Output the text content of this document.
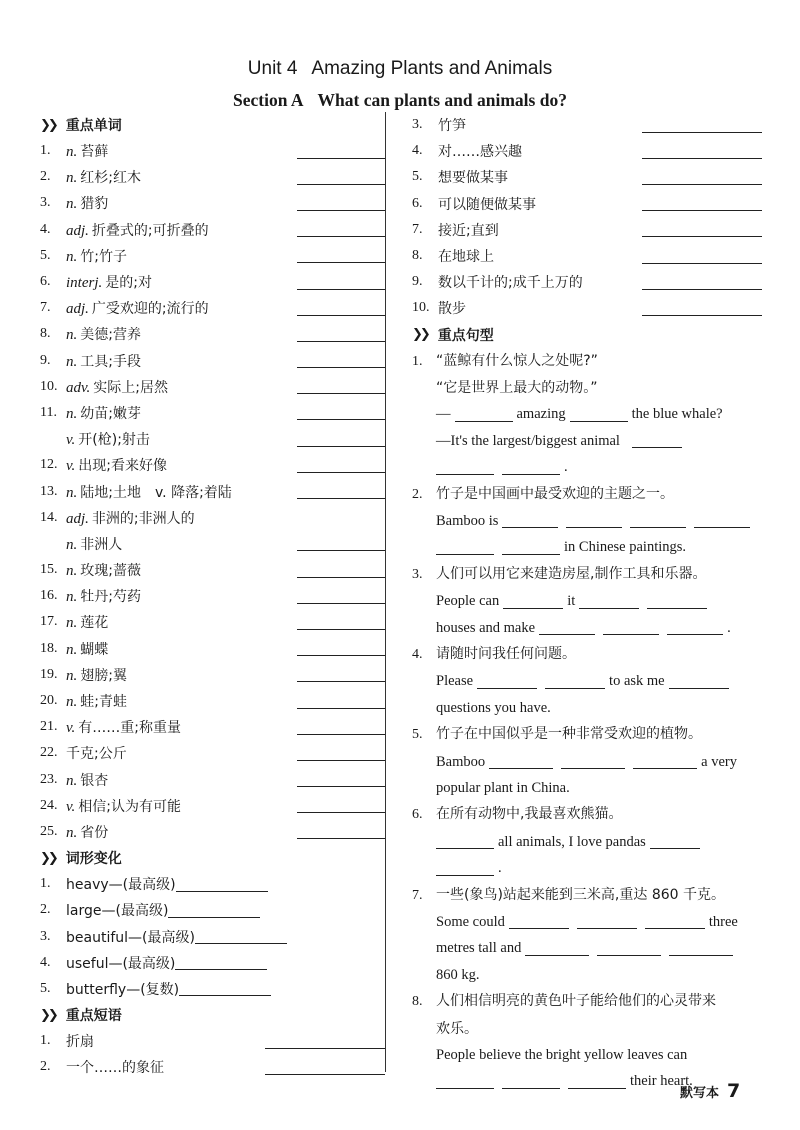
Unit 4 Amazing Plants and Animals
Section A What can plants and animals do?
❯❯ 重点单词
1.	n. 苔藓
2.	n. 红杉;红木
3.	n. 猎豹
4.	adj. 折叠式的;可折叠的
5.	n. 竹;竹子
6.	interj. 是的;对
7.	adj. 广受欢迎的;流行的
8.	n. 美德;营养
9.	n. 工具;手段
10. adv. 实际上;居然
11. n. 幼苗;嫩芽
v. 开(枪);射击
12. v. 出现;看来好像
13. n. 陆地;土地　v. 降落;着陆
14. adj. 非洲的;非洲人的
n. 非洲人
15. n. 玫瑰;蔷薇
16. n. 牡丹;芍药
17. n. 莲花
18. n. 蝴蝶
19. n. 翅膀;翼
20. n. 蛙;青蛙
21. v. 有……重;称重量
22. 千克;公斤
23. n. 银杏
24. v. 相信;认为有可能
25. n. 省份
❯❯ 词形变化
1.	heavy—(最高级)
2.	large—(最高级)
3.	beautiful—(最高级)
4.	useful—(最高级)
5.	butterfly—(复数)
❯❯ 重点短语
1.	折扇
2.	一个……的象征
3.	竹笋
4.	对……感兴趣
5.	想要做某事
6.	可以随便做某事
7.	接近;直到
8.	在地球上
9.	数以千计的;成千上万的
10. 散步
❯❯ 重点句型
1. “蓝鲸有什么惊人之处呢?”
“它是世界上最大的动物。”
—	amazing	the blue whale?
—It's the largest/biggest animal
.
2. 竹子是中国画中最受欢迎的主题之一。
Bamboo is
in Chinese paintings.
3. 人们可以用它来建造房屋,制作工具和乐器。
People can	it
houses and make	.
4. 请随时问我任何问题。
Please	to ask me
questions you have.
5. 竹子在中国似乎是一种非常受欢迎的植物。
Bamboo	a very
popular plant in China.
6. 在所有动物中,我最喜欢熊猫。
all animals, I love pandas
.
7. 一些(象鸟)站起来能到三米高,重达 860 千克。
Some could	three
metres tall and
860 kg.
8. 人们相信明亮的黄色叶子能给他们的心灵带来
欢乐。
People believe the bright yellow leaves can
their heart.
默写本 7
